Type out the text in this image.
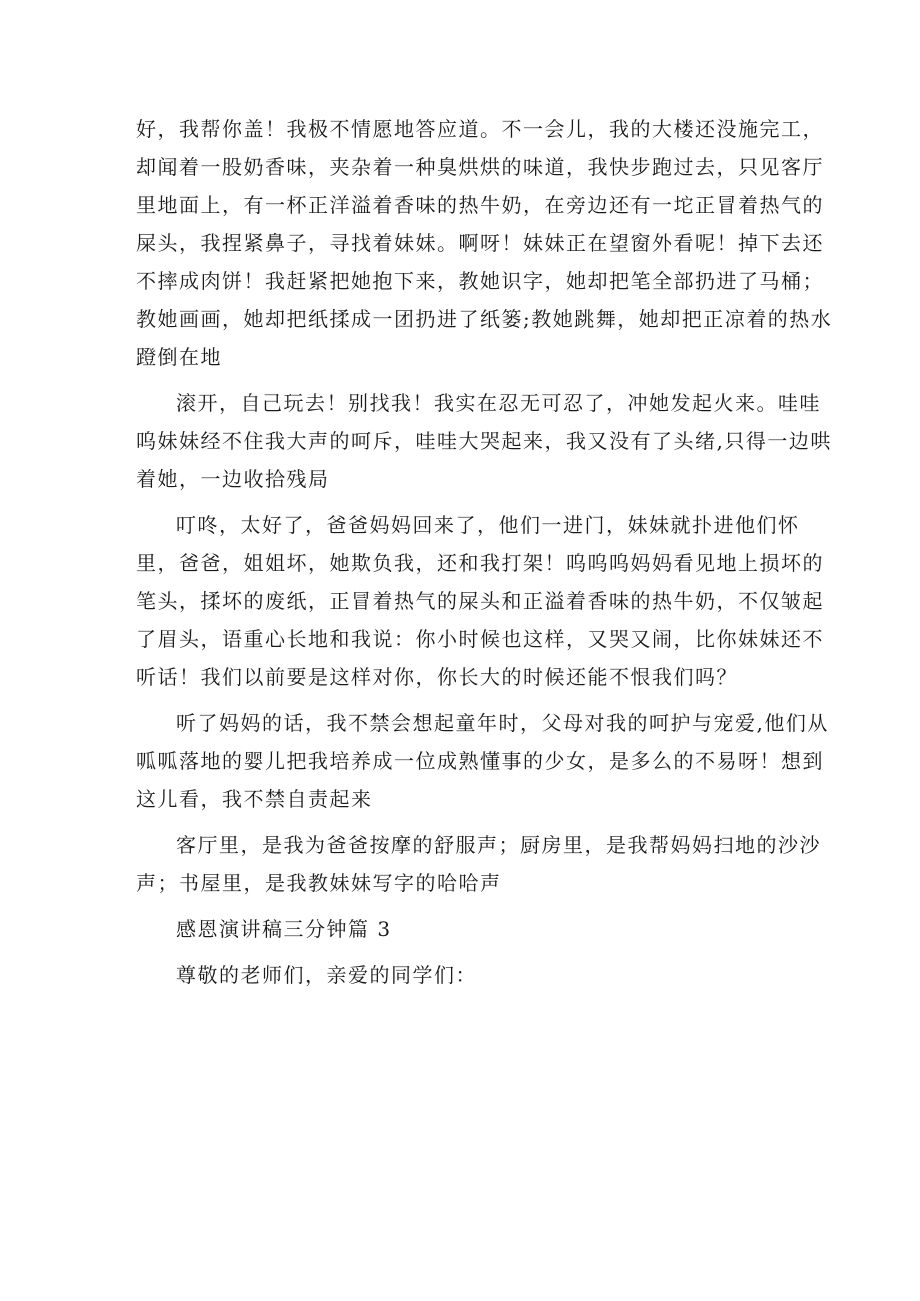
好，我帮你盖！我极不情愿地答应道。不一会儿，我的大楼还没施完工，
却闻着一股奶香味，夹杂着一种臭烘烘的味道，我快步跑过去，只见客厅
里地面上，有一杯正洋溢着香味的热牛奶，在旁边还有一坨正冒着热气的
屎头，我捏紧鼻子，寻找着妹妹。啊呀！妹妹正在望窗外看呢！掉下去还
不摔成肉饼！我赶紧把她抱下来，教她识字，她却把笔全部扔进了马桶；
教她画画，她却把纸揉成一团扔进了纸篓;教她跳舞，她却把正凉着的热水
蹬倒在地
滚开，自己玩去！别找我！我实在忍无可忍了，冲她发起火来。哇哇
呜妹妹经不住我大声的呵斥，哇哇大哭起来，我又没有了头绪,只得一边哄
着她，一边收拾残局
叮咚，太好了，爸爸妈妈回来了，他们一进门，妹妹就扑进他们怀
里，爸爸，姐姐坏，她欺负我，还和我打架！呜呜呜妈妈看见地上损坏的
笔头，揉坏的废纸，正冒着热气的屎头和正溢着香味的热牛奶，不仅皱起
了眉头，语重心长地和我说：你小时候也这样，又哭又闹，比你妹妹还不
听话！我们以前要是这样对你，你长大的时候还能不恨我们吗？
听了妈妈的话，我不禁会想起童年时，父母对我的呵护与宠爱,他们从
呱呱落地的婴儿把我培养成一位成熟懂事的少女，是多么的不易呀！想到
这儿看，我不禁自责起来
客厅里，是我为爸爸按摩的舒服声；厨房里，是我帮妈妈扫地的沙沙
声；书屋里，是我教妹妹写字的哈哈声
感恩演讲稿三分钟篇 3
尊敬的老师们，亲爱的同学们：
